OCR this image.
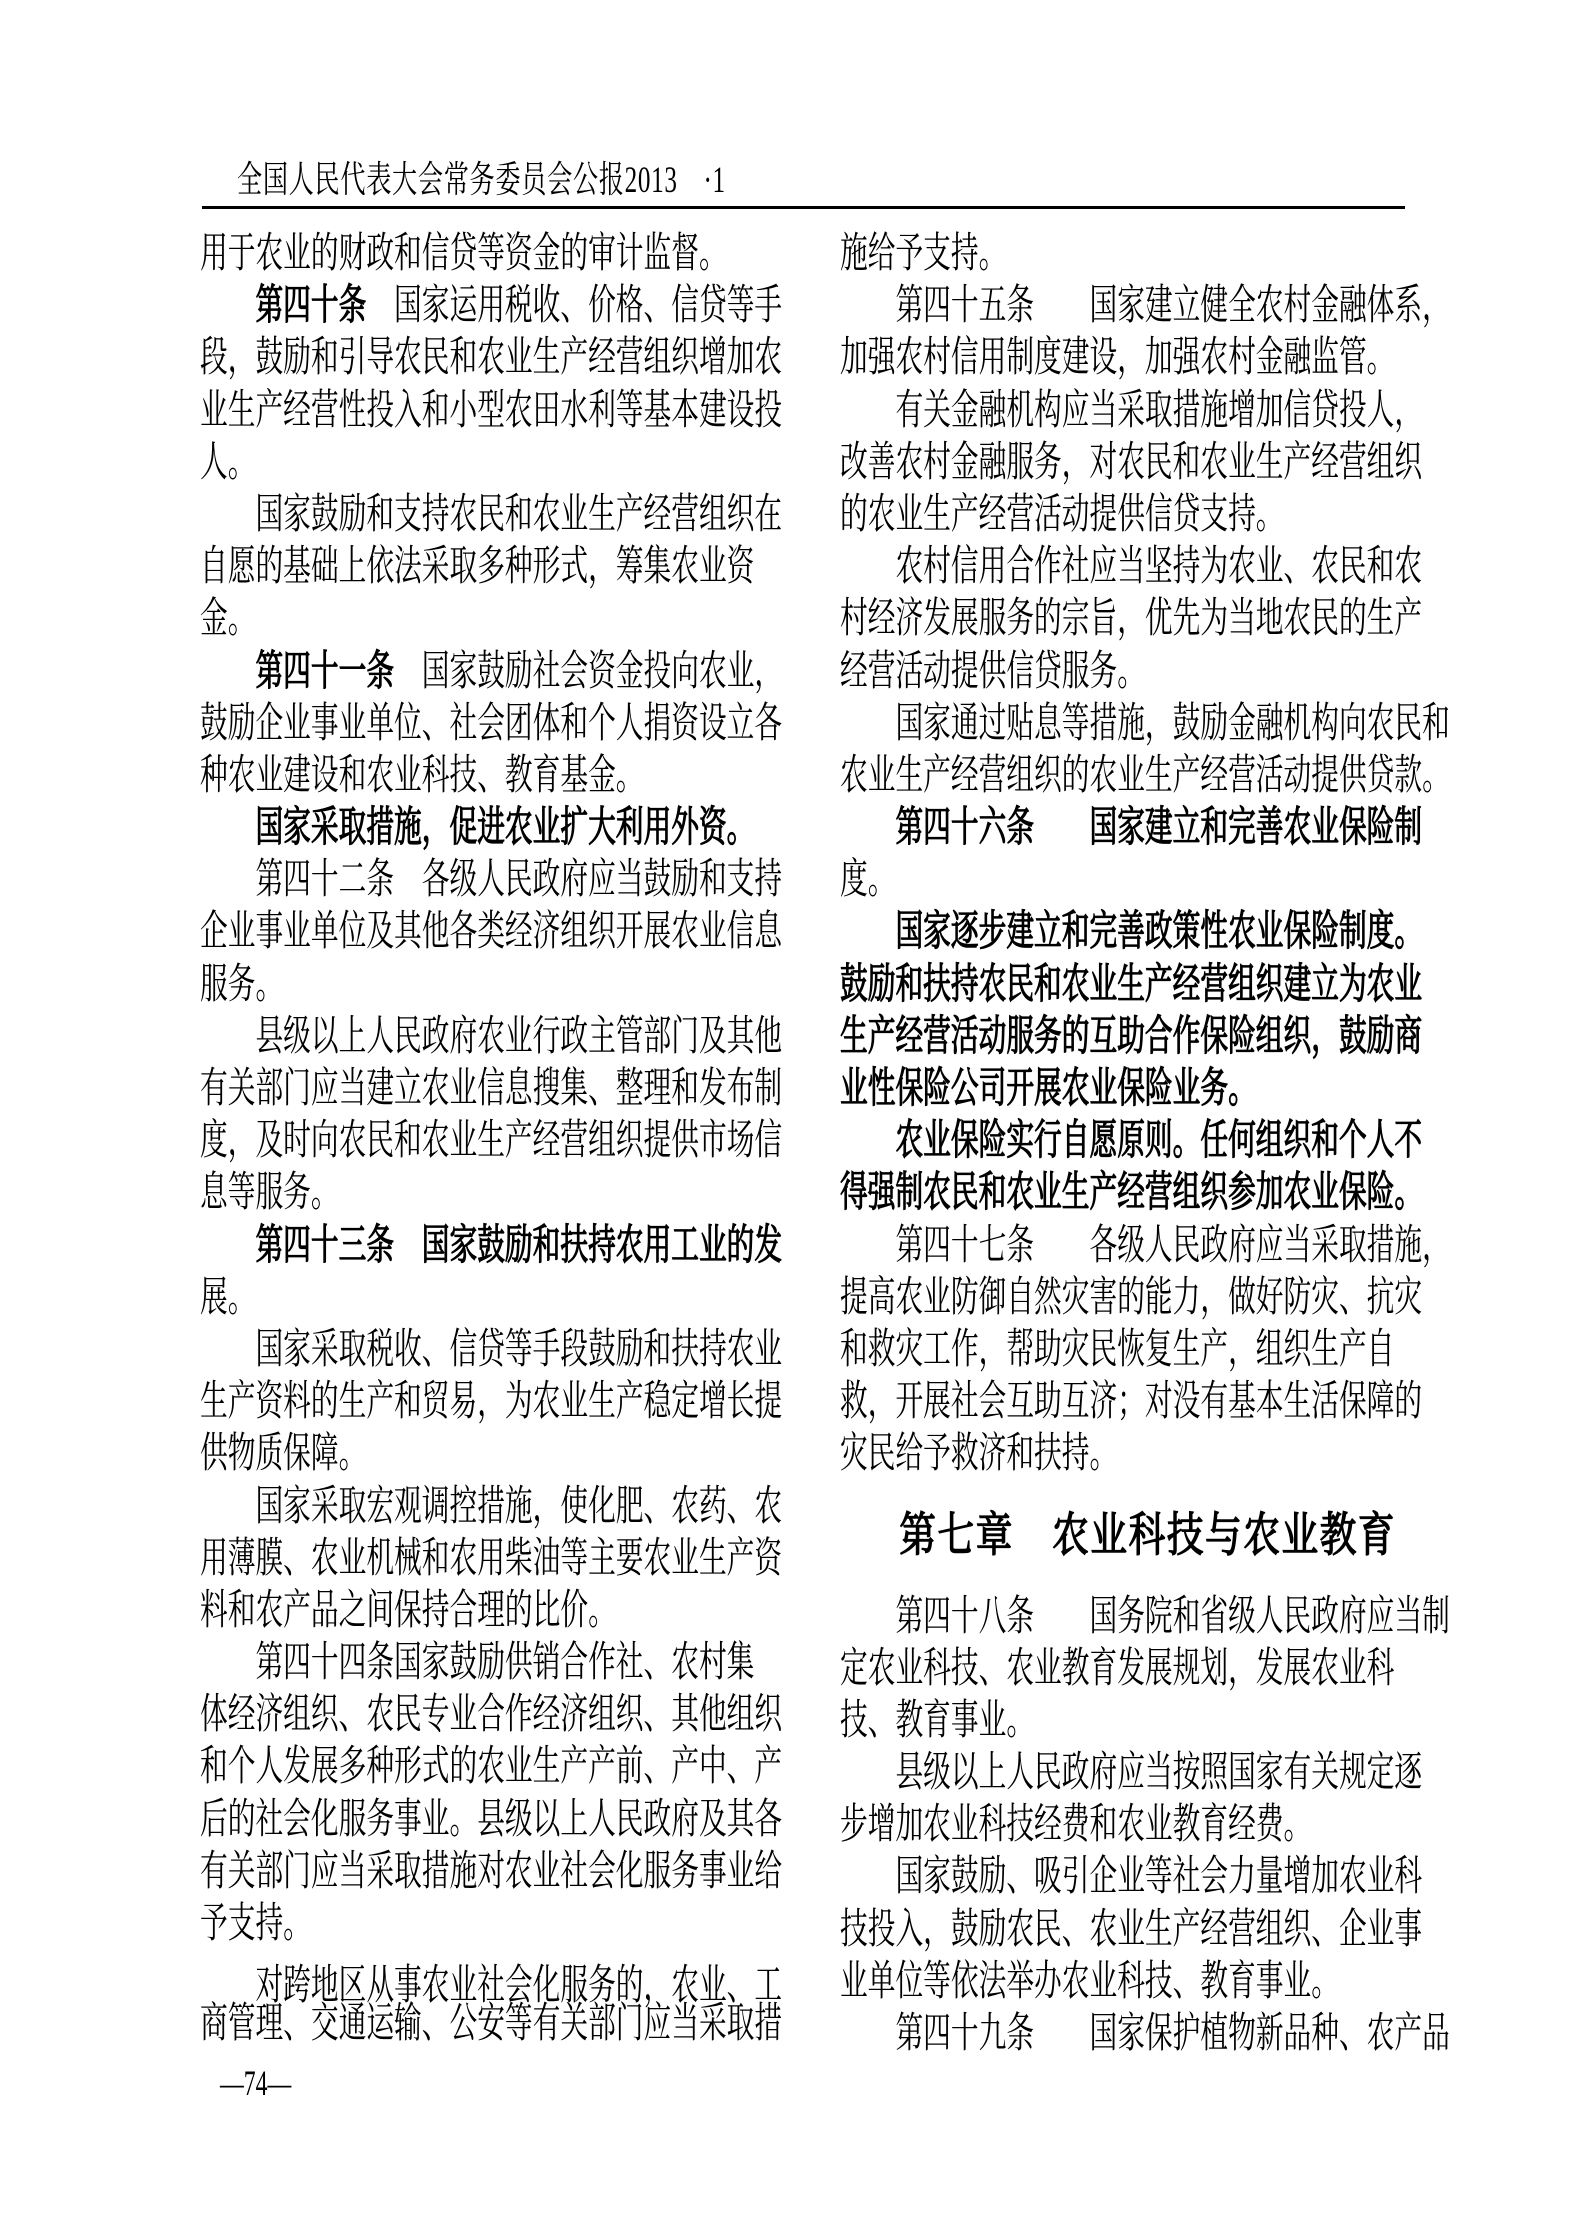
全国人民代表大会常务委员会公报2013　·1
用于农业的财政和信贷等资金的审计监督。
第四十条　国家运用税收、价格、信贷等手
段，鼓励和引导农民和农业生产经营组织增加农
业生产经营性投入和小型农田水利等基本建设投
人。
国家鼓励和支持农民和农业生产经营组织在
自愿的基础上依法采取多种形式，筹集农业资
金。
第四十一条　国家鼓励社会资金投向农业，
鼓励企业事业单位、社会团体和个人捐资设立各
种农业建设和农业科技、教育基金。
国家采取措施，促进农业扩大利用外资。
第四十二条　各级人民政府应当鼓励和支持
企业事业单位及其他各类经济组织开展农业信息
服务。
县级以上人民政府农业行政主管部门及其他
有关部门应当建立农业信息搜集、整理和发布制
度，及时向农民和农业生产经营组织提供市场信
息等服务。
第四十三条　国家鼓励和扶持农用工业的发
展。
国家采取税收、信贷等手段鼓励和扶持农业
生产资料的生产和贸易，为农业生产稳定增长提
供物质保障。
国家采取宏观调控措施，使化肥、农药、农
用薄膜、农业机械和农用柴油等主要农业生产资
料和农产品之间保持合理的比价。
第四十四条国家鼓励供销合作社、农村集
体经济组织、农民专业合作经济组织、其他组织
和个人发展多种形式的农业生产产前、产中、产
后的社会化服务事业。县级以上人民政府及其各
有关部门应当采取措施对农业社会化服务事业给
予支持。
对跨地区从事农业社会化服务的，农业、工
商管理、交通运输、公安等有关部门应当采取措
施给予支持。
第四十五条　　国家建立健全农村金融体系，
加强农村信用制度建设，加强农村金融监管。
有关金融机构应当采取措施增加信贷投人，
改善农村金融服务，对农民和农业生产经营组织
的农业生产经营活动提供信贷支持。
农村信用合作社应当坚持为农业、农民和农
村经济发展服务的宗旨，优先为当地农民的生产
经营活动提供信贷服务。
国家通过贴息等措施，鼓励金融机构向农民和
农业生产经营组织的农业生产经营活动提供贷款。
第四十六条　　国家建立和完善农业保险制
度。
国家逐步建立和完善政策性农业保险制度。
鼓励和扶持农民和农业生产经营组织建立为农业
生产经营活动服务的互助合作保险组织，鼓励商
业性保险公司开展农业保险业务。
农业保险实行自愿原则。任何组织和个人不
得强制农民和农业生产经营组织参加农业保险。
第四十七条　　各级人民政府应当采取措施，
提高农业防御自然灾害的能力，做好防灾、抗灾
和救灾工作，帮助灾民恢复生产，组织生产自
救，开展社会互助互济；对没有基本生活保障的
灾民给予救济和扶持。
第七章　农业科技与农业教育
第四十八条　　国务院和省级人民政府应当制
定农业科技、农业教育发展规划，发展农业科
技、教育事业。
县级以上人民政府应当按照国家有关规定逐
步增加农业科技经费和农业教育经费。
国家鼓励、吸引企业等社会力量增加农业科
技投入，鼓励农民、农业生产经营组织、企业事
业单位等依法举办农业科技、教育事业。
第四十九条　　国家保护植物新品种、农产品
—74—
